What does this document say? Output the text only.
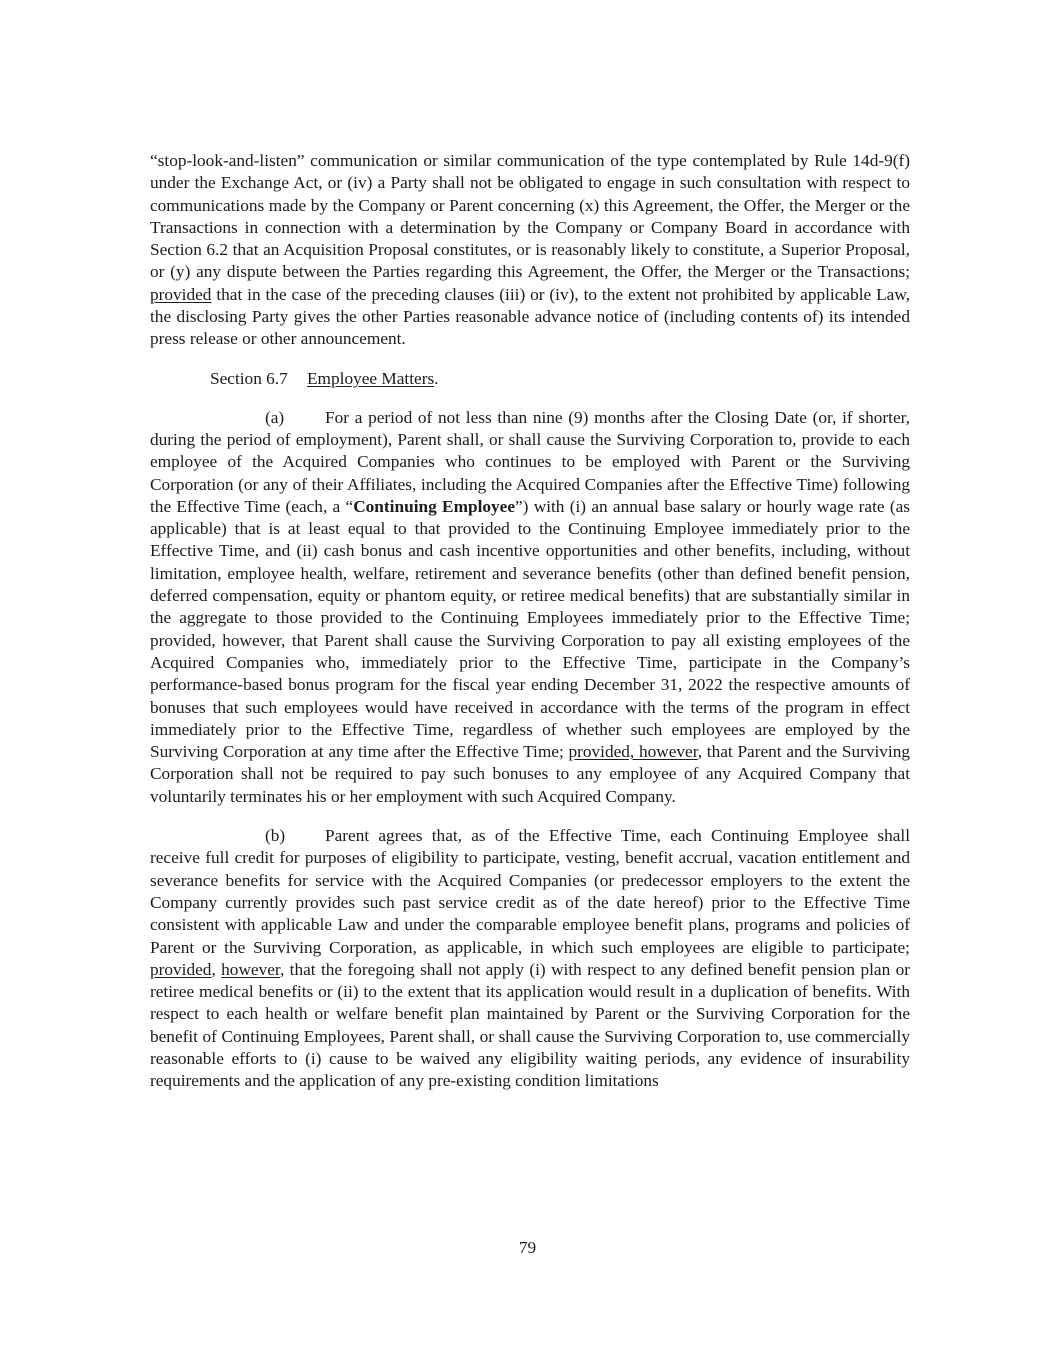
“stop-look-and-listen” communication or similar communication of the type contemplated by Rule 14d-9(f) under the Exchange Act, or (iv) a Party shall not be obligated to engage in such consultation with respect to communications made by the Company or Parent concerning (x) this Agreement, the Offer, the Merger or the Transactions in connection with a determination by the Company or Company Board in accordance with Section 6.2 that an Acquisition Proposal constitutes, or is reasonably likely to constitute, a Superior Proposal, or (y) any dispute between the Parties regarding this Agreement, the Offer, the Merger or the Transactions; provided that in the case of the preceding clauses (iii) or (iv), to the extent not prohibited by applicable Law, the disclosing Party gives the other Parties reasonable advance notice of (including contents of) its intended press release or other announcement.

Section 6.7 Employee Matters.

(a) For a period of not less than nine (9) months after the Closing Date (or, if shorter, during the period of employment), Parent shall, or shall cause the Surviving Corporation to, provide to each employee of the Acquired Companies who continues to be employed with Parent or the Surviving Corporation (or any of their Affiliates, including the Acquired Companies after the Effective Time) following the Effective Time (each, a “Continuing Employee”) with (i) an annual base salary or hourly wage rate (as applicable) that is at least equal to that provided to the Continuing Employee immediately prior to the Effective Time, and (ii) cash bonus and cash incentive opportunities and other benefits, including, without limitation, employee health, welfare, retirement and severance benefits (other than defined benefit pension, deferred compensation, equity or phantom equity, or retiree medical benefits) that are substantially similar in the aggregate to those provided to the Continuing Employees immediately prior to the Effective Time; provided, however, that Parent shall cause the Surviving Corporation to pay all existing employees of the Acquired Companies who, immediately prior to the Effective Time, participate in the Company’s performance-based bonus program for the fiscal year ending December 31, 2022 the respective amounts of bonuses that such employees would have received in accordance with the terms of the program in effect immediately prior to the Effective Time, regardless of whether such employees are employed by the Surviving Corporation at any time after the Effective Time; provided, however, that Parent and the Surviving Corporation shall not be required to pay such bonuses to any employee of any Acquired Company that voluntarily terminates his or her employment with such Acquired Company.

(b) Parent agrees that, as of the Effective Time, each Continuing Employee shall receive full credit for purposes of eligibility to participate, vesting, benefit accrual, vacation entitlement and severance benefits for service with the Acquired Companies (or predecessor employers to the extent the Company currently provides such past service credit as of the date hereof) prior to the Effective Time consistent with applicable Law and under the comparable employee benefit plans, programs and policies of Parent or the Surviving Corporation, as applicable, in which such employees are eligible to participate; provided, however, that the foregoing shall not apply (i) with respect to any defined benefit pension plan or retiree medical benefits or (ii) to the extent that its application would result in a duplication of benefits. With respect to each health or welfare benefit plan maintained by Parent or the Surviving Corporation for the benefit of Continuing Employees, Parent shall, or shall cause the Surviving Corporation to, use commercially reasonable efforts to (i) cause to be waived any eligibility waiting periods, any evidence of insurability requirements and the application of any pre-existing condition limitations

79
